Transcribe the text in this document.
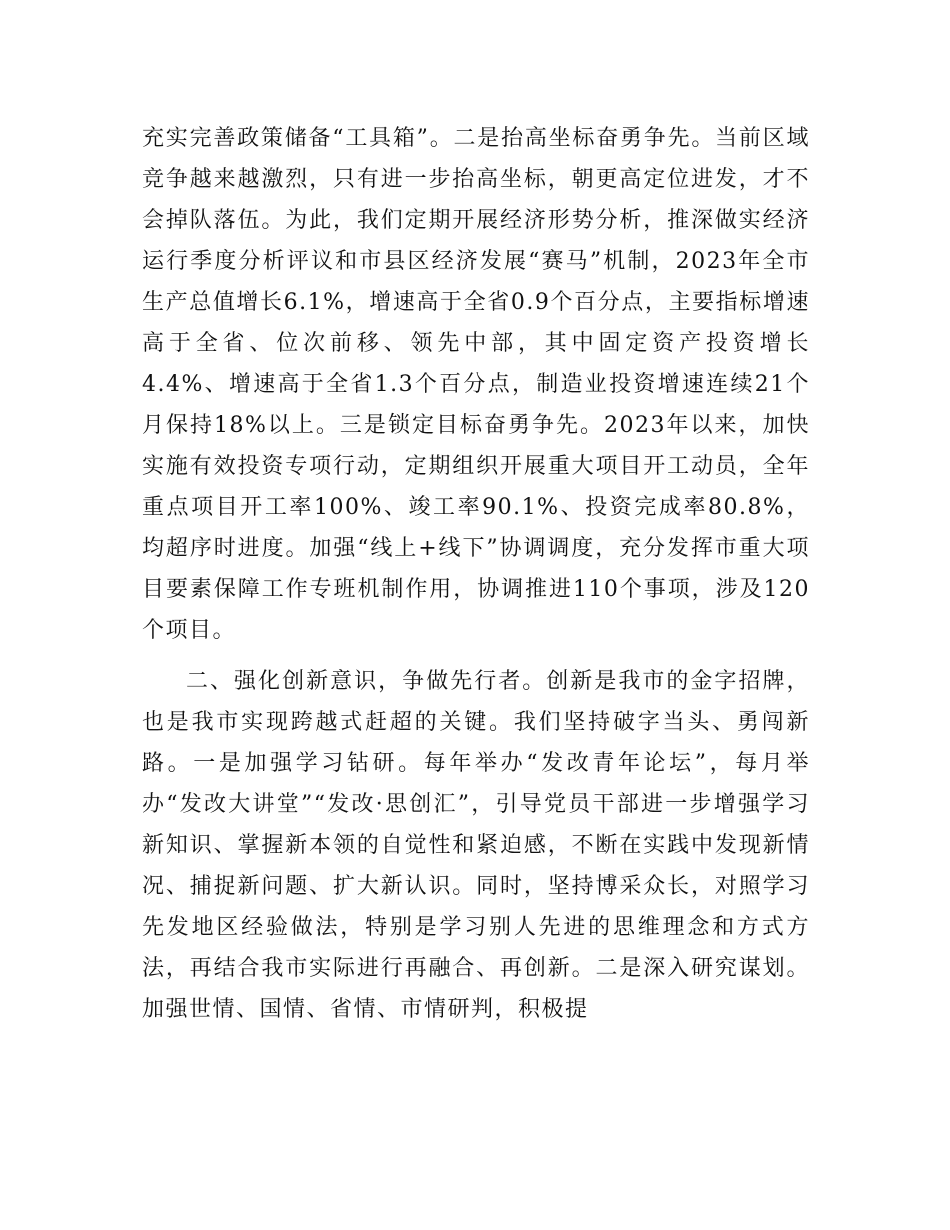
充实完善政策储备“工具箱”。二是抬高坐标奋勇争先。当前区域竞争越来越激烈，只有进一步抬高坐标，朝更高定位进发，才不会掉队落伍。为此，我们定期开展经济形势分析，推深做实经济运行季度分析评议和市县区经济发展“赛马”机制，2023年全市生产总值增长6.1%，增速高于全省0.9个百分点，主要指标增速高于全省、位次前移、领先中部，其中固定资产投资增长4.4%、增速高于全省1.3个百分点，制造业投资增速连续21个月保持18%以上。三是锁定目标奋勇争先。2023年以来，加快实施有效投资专项行动，定期组织开展重大项目开工动员，全年重点项目开工率100%、竣工率90.1%、投资完成率80.8%，均超序时进度。加强“线上+线下”协调调度，充分发挥市重大项目要素保障工作专班机制作用，协调推进110个事项，涉及120个项目。

二、强化创新意识，争做先行者。创新是我市的金字招牌，也是我市实现跨越式赶超的关键。我们坚持破字当头、勇闯新路。一是加强学习钻研。每年举办“发改青年论坛”，每月举办“发改大讲堂”“发改·思创汇”，引导党员干部进一步增强学习新知识、掌握新本领的自觉性和紧迫感，不断在实践中发现新情况、捕捉新问题、扩大新认识。同时，坚持博采众长，对照学习先发地区经验做法，特别是学习别人先进的思维理念和方式方法，再结合我市实际进行再融合、再创新。二是深入研究谋划。加强世情、国情、省情、市情研判，积极提
